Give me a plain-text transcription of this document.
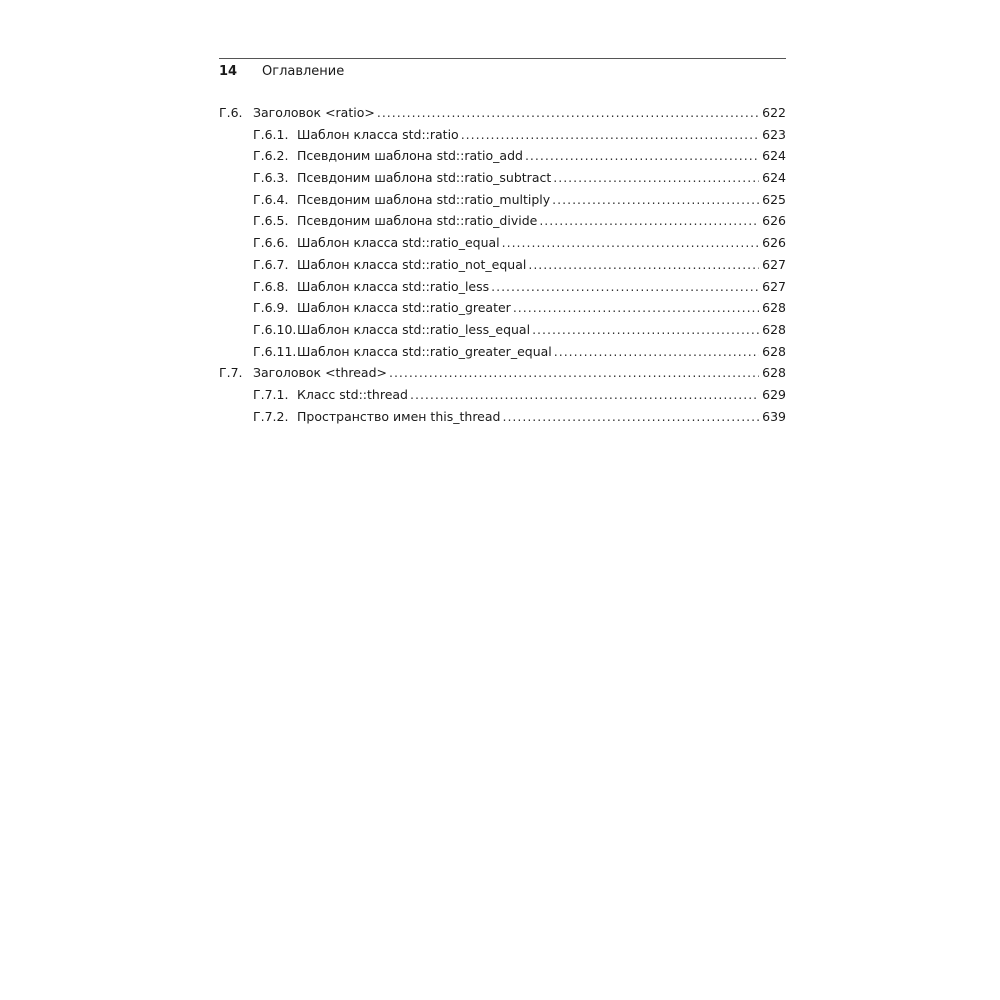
14	Оглавление
Г.6. Заголовок <ratio> .....	622
Г.6.1. Шаблон класса std::ratio .....	623
Г.6.2. Псевдоним шаблона std::ratio_add .....	624
Г.6.3. Псевдоним шаблона std::ratio_subtract .....	624
Г.6.4. Псевдоним шаблона std::ratio_multiply .....	625
Г.6.5. Псевдоним шаблона std::ratio_divide .....	626
Г.6.6. Шаблон класса std::ratio_equal .....	626
Г.6.7. Шаблон класса std::ratio_not_equal .....	627
Г.6.8. Шаблон класса std::ratio_less .....	627
Г.6.9. Шаблон класса std::ratio_greater .....	628
Г.6.10. Шаблон класса std::ratio_less_equal .....	628
Г.6.11. Шаблон класса std::ratio_greater_equal .....	628
Г.7. Заголовок <thread> .....	628
Г.7.1. Класс std::thread .....	629
Г.7.2. Пространство имен this_thread .....	639
